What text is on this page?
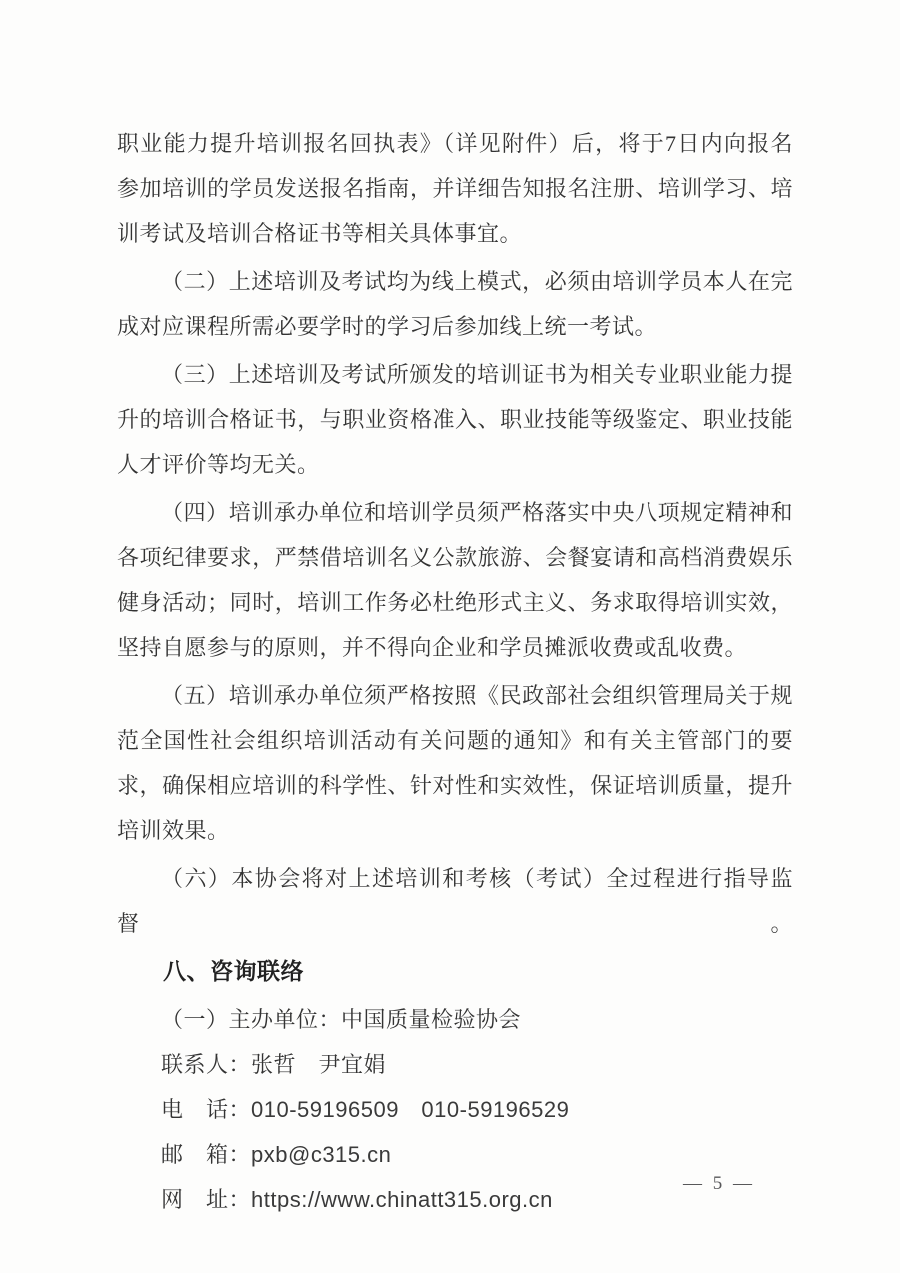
职业能力提升培训报名回执表》（详见附件）后，将于7日内向报名
参加培训的学员发送报名指南，并详细告知报名注册、培训学习、培
训考试及培训合格证书等相关具体事宜。
（二）上述培训及考试均为线上模式，必须由培训学员本人在完
成对应课程所需必要学时的学习后参加线上统一考试。
（三）上述培训及考试所颁发的培训证书为相关专业职业能力提
升的培训合格证书，与职业资格准入、职业技能等级鉴定、职业技能
人才评价等均无关。
（四）培训承办单位和培训学员须严格落实中央八项规定精神和
各项纪律要求，严禁借培训名义公款旅游、会餐宴请和高档消费娱乐
健身活动；同时，培训工作务必杜绝形式主义、务求取得培训实效，
坚持自愿参与的原则，并不得向企业和学员摊派收费或乱收费。
（五）培训承办单位须严格按照《民政部社会组织管理局关于规
范全国性社会组织培训活动有关问题的通知》和有关主管部门的要
求，确保相应培训的科学性、针对性和实效性，保证培训质量，提升
培训效果。
（六）本协会将对上述培训和考核（考试）全过程进行指导监督。
八、咨询联络
（一）主办单位：中国质量检验协会
联系人：张哲　尹宜娟
电　话：010-59196509　010-59196529
邮　箱：pxb@c315.cn
网　址：https://www.chinatt315.org.cn
— 5 —
